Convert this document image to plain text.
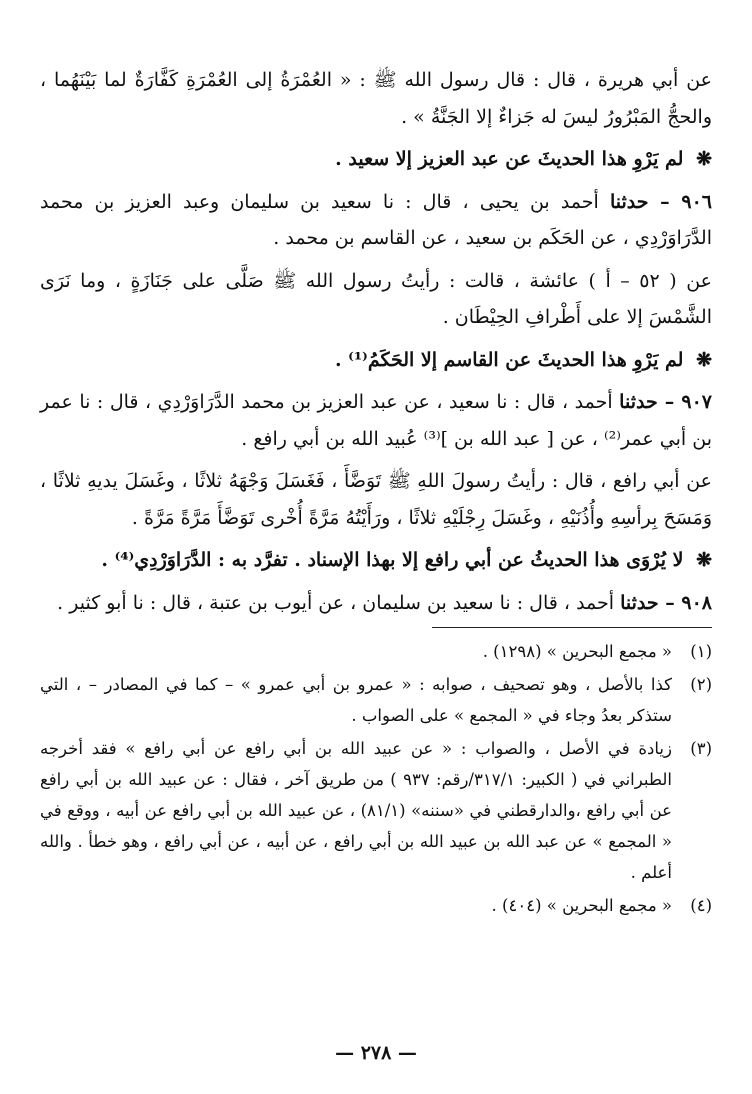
عن أبي هريرة ، قال : قال رسول الله ﷺ : « العُمْرَةُ إلى العُمْرَةِ كَفَّارَةٌ لما بَيْنَهُما ، والحجُّ المَبْرُورُ ليسَ له جَزاءٌ إلا الجَنَّةُ » .

❋ لم يَرْوِ هذا الحديثَ عن عبد العزيز إلا سعيد .

٩٠٦ – حدثنا أحمد بن يحيى ، قال : نا سعيد بن سليمان وعبد العزيز بن محمد الدَّرَاوَرْدِي ، عن الحَكَم بن سعيد ، عن القاسم بن محمد .

عن ( ٥٢ – أ ) عائشة ، قالت : رأيتُ رسول الله ﷺ صَلَّى على جَنَازَةٍ ، وما نَرَى الشَّمْسَ إلا على أَطْرافِ الحِيْطَان .

❋ لم يَرْوِ هذا الحديثَ عن القاسم إلا الحَكَمُ⁽¹⁾ .

٩٠٧ – حدثنا أحمد ، قال : نا سعيد ، عن عبد العزيز بن محمد الدَّرَاوَرْدِي ، قال : نا عمر بن أبي عمر⁽²⁾ ، عن [ عبد الله بن ]⁽³⁾ عُبيد الله بن أبي رافع .

عن أبي رافع ، قال : رأيتُ رسولَ اللهِ ﷺ تَوَضَّأَ ، فَغَسَلَ وَجْهَهُ ثلاثًا ، وغَسَلَ يديهِ ثلاثًا ، وَمَسَحَ بِرأسِهِ وأُذُنَيْهِ ، وغَسَلَ رِجْلَيْهِ ثلاثًا ، ورَأَيْتُهُ مَرَّةً أُخْرى تَوَضَّأَ مَرَّةً مَرَّةً .

❋ لا يُرْوَى هذا الحديثُ عن أبي رافع إلا بهذا الإسناد . تفرَّد به : الدَّرَاوَرْدِي⁽⁴⁾ .

٩٠٨ – حدثنا أحمد ، قال : نا سعيد بن سليمان ، عن أيوب بن عتبة ، قال : نا أبو كثير .

(١)
« مجمع البحرين » (١٢٩٨) .
(٢)
كذا بالأصل ، وهو تصحيف ، صوابه : « عمرو بن أبي عمرو » – كما في المصادر – ، التي ستذكر بعدُ وجاء في « المجمع » على الصواب .
(٣)
زيادة في الأصل ، والصواب : « عن عبيد الله بن أبي رافع عن أبي رافع » فقد أخرجه الطبراني في ( الكبير: ٣١٧/١/رقم: ٩٣٧ ) من طريق آخر ، فقال : عن عبيد الله بن أبي رافع عن أبي رافع ،والدارقطني في «سننه» (٨١/١) ، عن عبيد الله بن أبي رافع عن أبيه ، ووقع في « المجمع » عن عبد الله بن عبيد الله بن أبي رافع ، عن أبيه ، عن أبي رافع ، وهو خطأ . والله أعلم .
(٤)
« مجمع البحرين » (٤٠٤) .
— ٢٧٨ —
